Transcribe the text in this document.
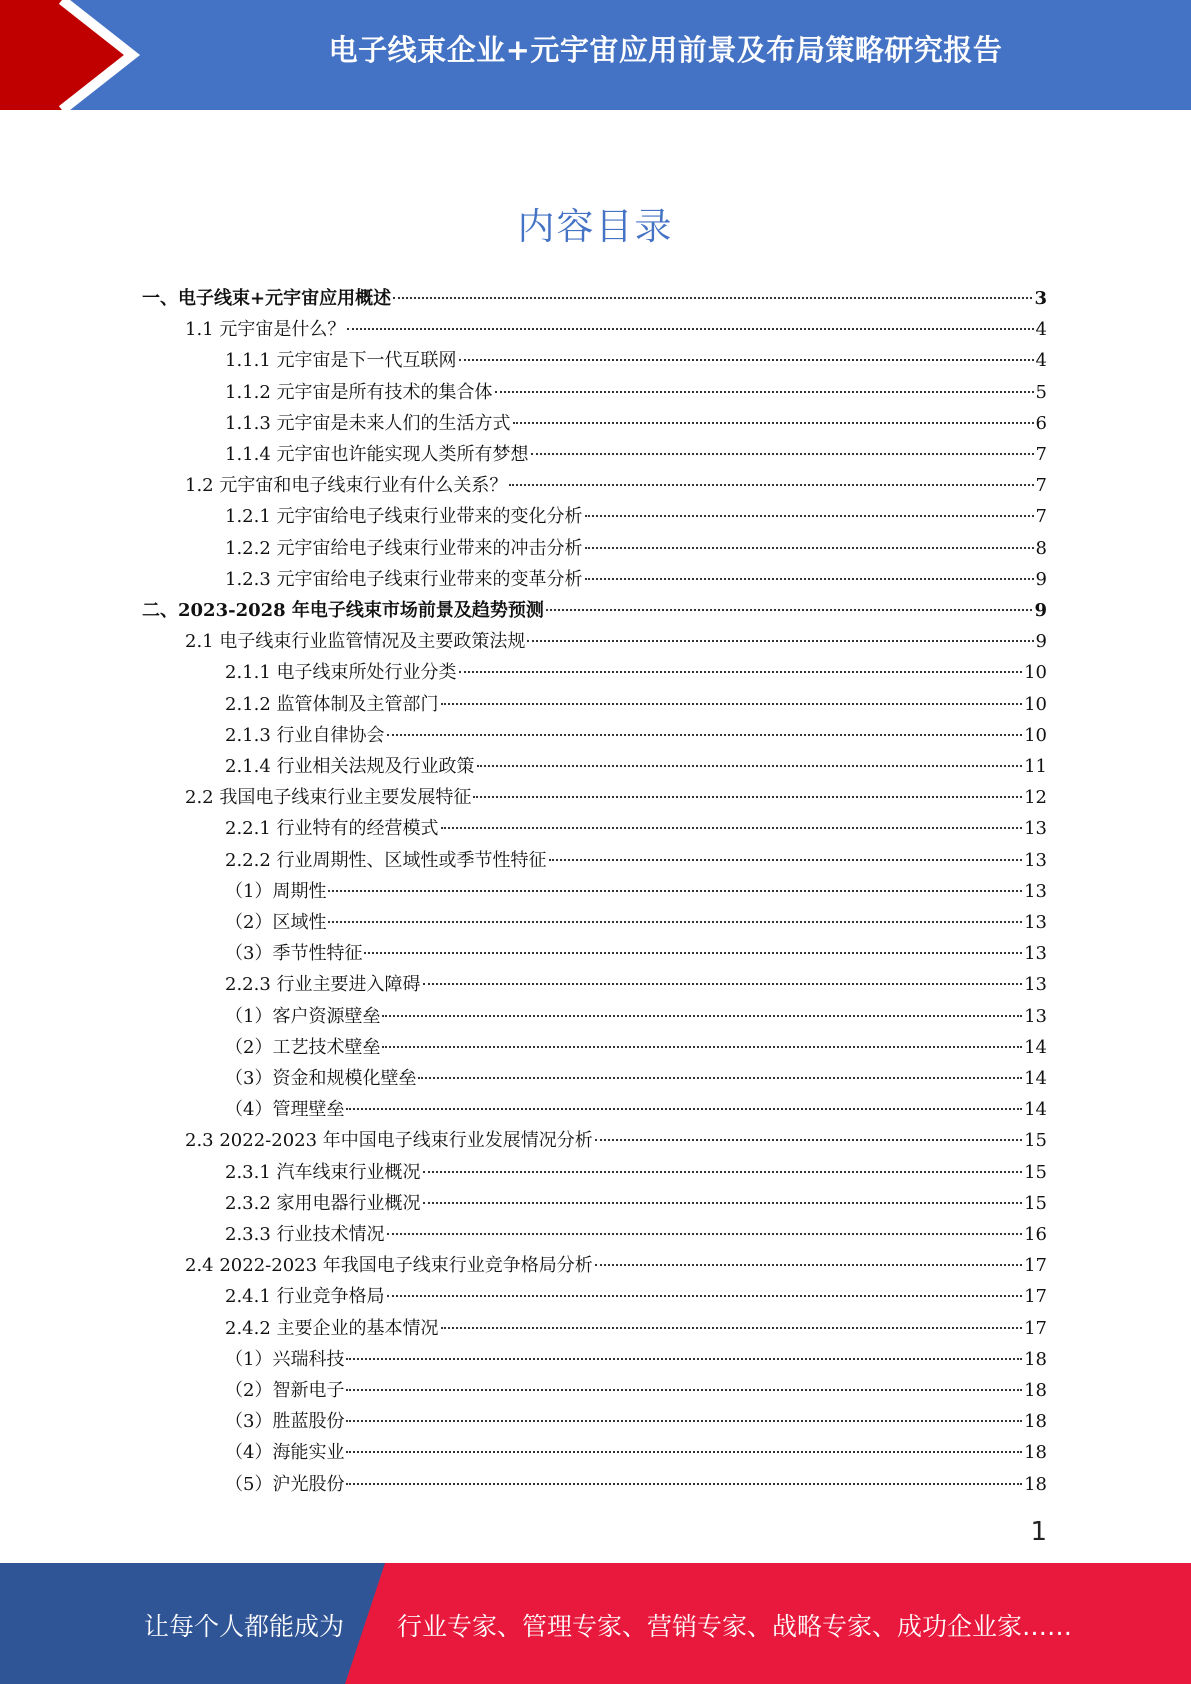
电子线束企业+元宇宙应用前景及布局策略研究报告
内容目录
一、电子线束+元宇宙应用概述	3
1.1 元宇宙是什么？	4
1.1.1 元宇宙是下一代互联网	4
1.1.2 元宇宙是所有技术的集合体	5
1.1.3 元宇宙是未来人们的生活方式	6
1.1.4 元宇宙也许能实现人类所有梦想	7
1.2 元宇宙和电子线束行业有什么关系？	7
1.2.1 元宇宙给电子线束行业带来的变化分析	7
1.2.2 元宇宙给电子线束行业带来的冲击分析	8
1.2.3 元宇宙给电子线束行业带来的变革分析	9
二、2023-2028 年电子线束市场前景及趋势预测	9
2.1 电子线束行业监管情况及主要政策法规	9
2.1.1 电子线束所处行业分类	10
2.1.2 监管体制及主管部门	10
2.1.3 行业自律协会	10
2.1.4 行业相关法规及行业政策	11
2.2 我国电子线束行业主要发展特征	12
2.2.1 行业特有的经营模式	13
2.2.2 行业周期性、区域性或季节性特征	13
（1）周期性	13
（2）区域性	13
（3）季节性特征	13
2.2.3 行业主要进入障碍	13
（1）客户资源壁垒	13
（2）工艺技术壁垒	14
（3）资金和规模化壁垒	14
（4）管理壁垒	14
2.3 2022-2023 年中国电子线束行业发展情况分析	15
2.3.1 汽车线束行业概况	15
2.3.2 家用电器行业概况	15
2.3.3 行业技术情况	16
2.4 2022-2023 年我国电子线束行业竞争格局分析	17
2.4.1 行业竞争格局	17
2.4.2 主要企业的基本情况	17
（1）兴瑞科技	18
（2）智新电子	18
（3）胜蓝股份	18
（4）海能实业	18
（5）沪光股份	18
1
让每个人都能成为 行业专家、管理专家、营销专家、战略专家、成功企业家……
